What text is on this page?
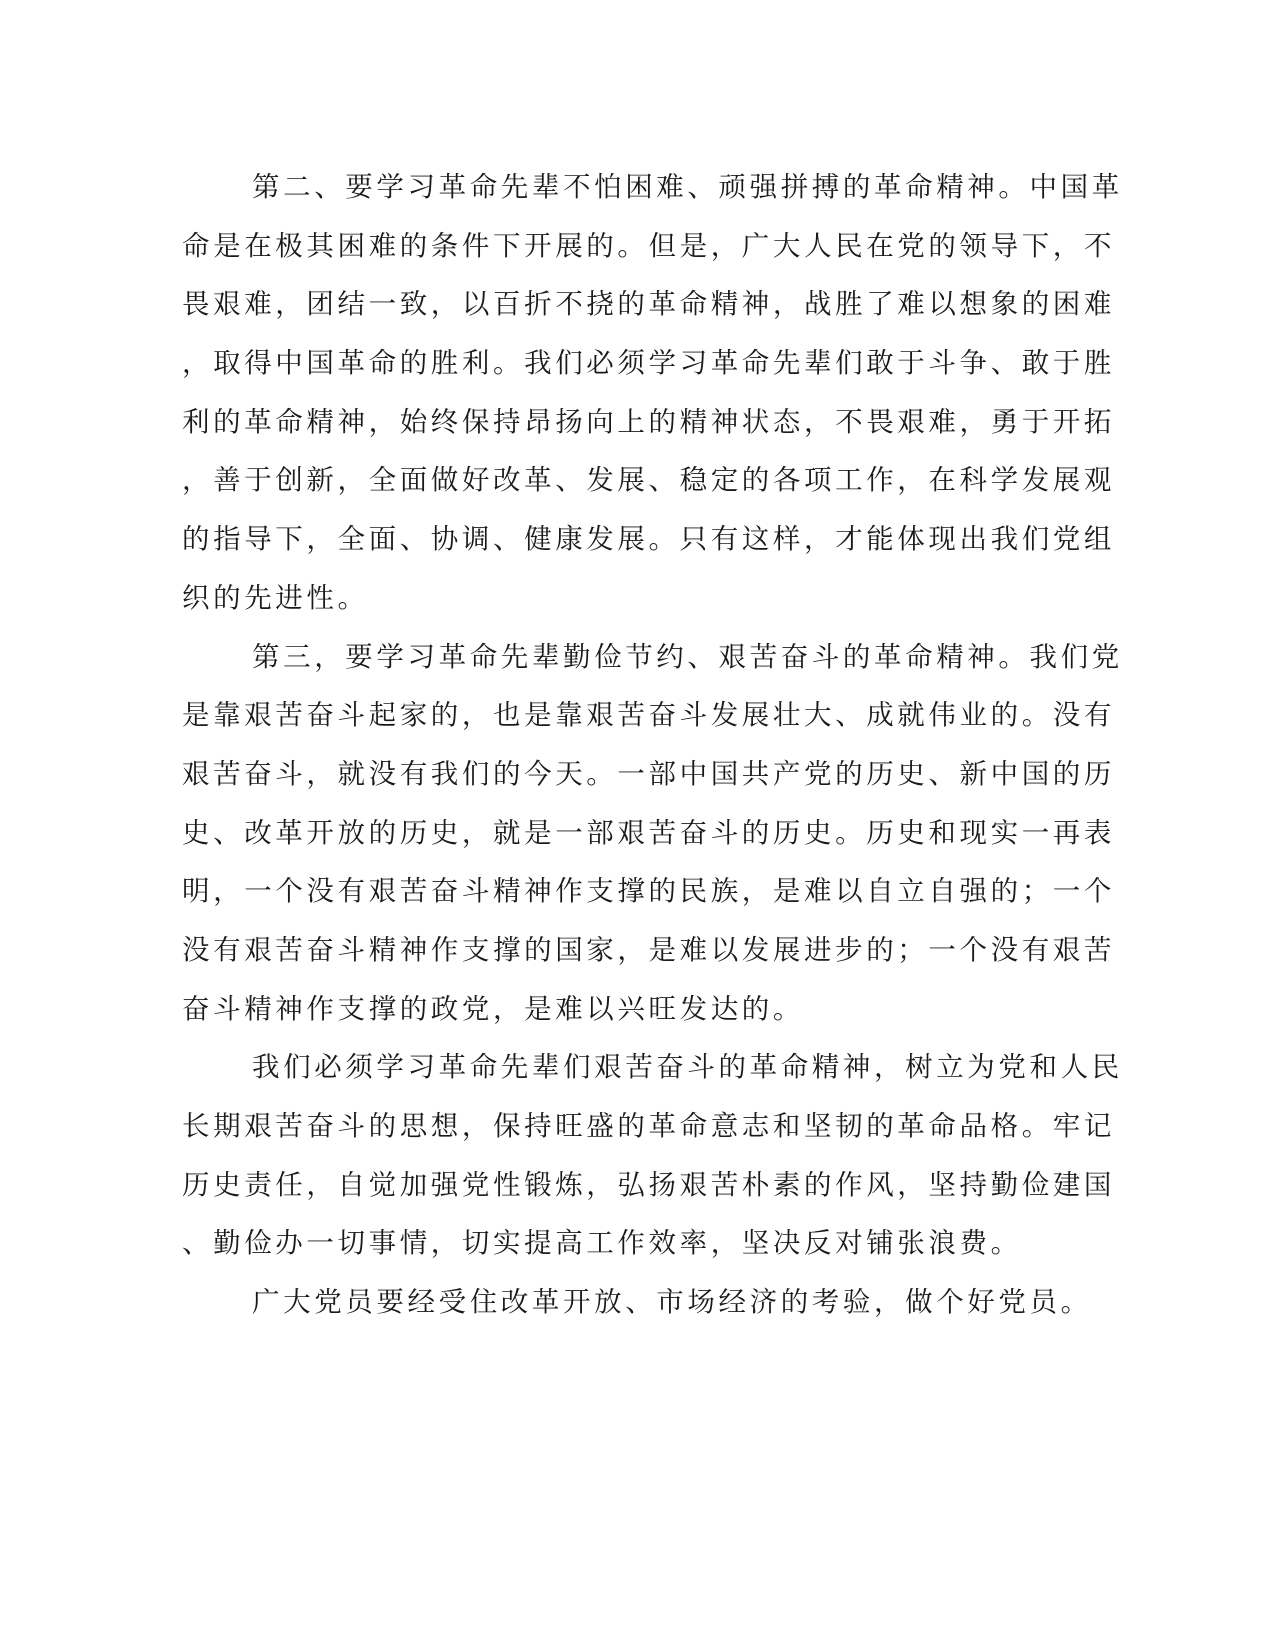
第二、要学习革命先辈不怕困难、顽强拼搏的革命精神。中国革
命是在极其困难的条件下开展的。但是，广大人民在党的领导下，不
畏艰难，团结一致，以百折不挠的革命精神，战胜了难以想象的困难
，取得中国革命的胜利。我们必须学习革命先辈们敢于斗争、敢于胜
利的革命精神，始终保持昂扬向上的精神状态，不畏艰难，勇于开拓
，善于创新，全面做好改革、发展、稳定的各项工作，在科学发展观
的指导下，全面、协调、健康发展。只有这样，才能体现出我们党组
织的先进性。
第三，要学习革命先辈勤俭节约、艰苦奋斗的革命精神。我们党
是靠艰苦奋斗起家的，也是靠艰苦奋斗发展壮大、成就伟业的。没有
艰苦奋斗，就没有我们的今天。一部中国共产党的历史、新中国的历
史、改革开放的历史，就是一部艰苦奋斗的历史。历史和现实一再表
明，一个没有艰苦奋斗精神作支撑的民族，是难以自立自强的；一个
没有艰苦奋斗精神作支撑的国家，是难以发展进步的；一个没有艰苦
奋斗精神作支撑的政党，是难以兴旺发达的。
我们必须学习革命先辈们艰苦奋斗的革命精神，树立为党和人民
长期艰苦奋斗的思想，保持旺盛的革命意志和坚韧的革命品格。牢记
历史责任，自觉加强党性锻炼，弘扬艰苦朴素的作风，坚持勤俭建国
、勤俭办一切事情，切实提高工作效率，坚决反对铺张浪费。
广大党员要经受住改革开放、市场经济的考验，做个好党员。
